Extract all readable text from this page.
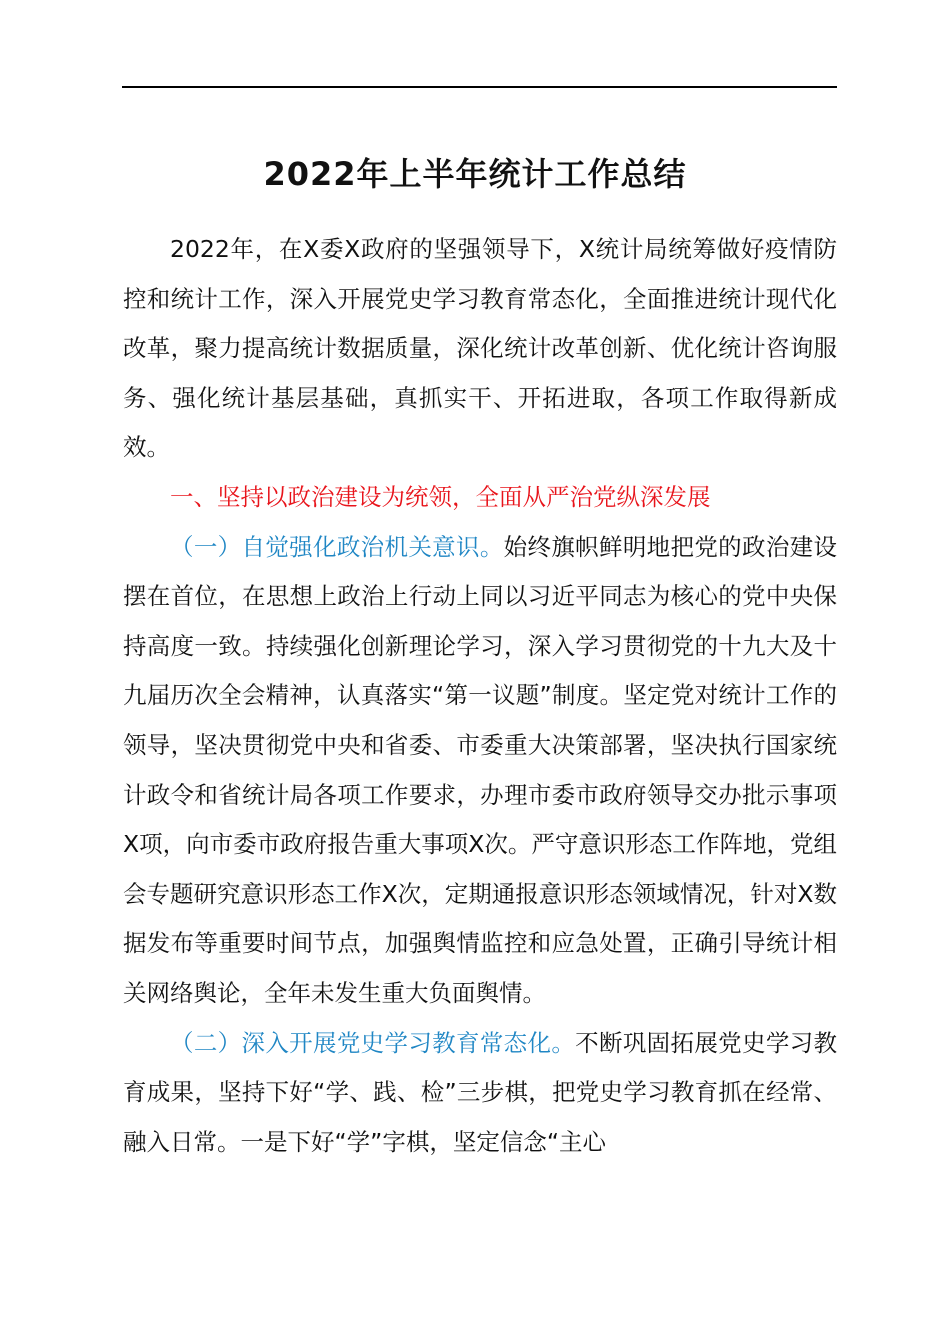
2022年上半年统计工作总结

2022年，在X委X政府的坚强领导下，X统计局统筹做好疫情防控和统计工作，深入开展党史学习教育常态化，全面推进统计现代化改革，聚力提高统计数据质量，深化统计改革创新、优化统计咨询服务、强化统计基层基础，真抓实干、开拓进取，各项工作取得新成效。

一、坚持以政治建设为统领，全面从严治党纵深发展

（一）自觉强化政治机关意识。始终旗帜鲜明地把党的政治建设摆在首位，在思想上政治上行动上同以习近平同志为核心的党中央保持高度一致。持续强化创新理论学习，深入学习贯彻党的十九大及十九届历次全会精神，认真落实“第一议题”制度。坚定党对统计工作的领导，坚决贯彻党中央和省委、市委重大决策部署，坚决执行国家统计政令和省统计局各项工作要求，办理市委市政府领导交办批示事项X项，向市委市政府报告重大事项X次。严守意识形态工作阵地，党组会专题研究意识形态工作X次，定期通报意识形态领域情况，针对X数据发布等重要时间节点，加强舆情监控和应急处置，正确引导统计相关网络舆论，全年未发生重大负面舆情。

（二）深入开展党史学习教育常态化。不断巩固拓展党史学习教育成果，坚持下好“学、践、检”三步棋，把党史学习教育抓在经常、融入日常。一是下好“学”字棋，坚定信念“主心
